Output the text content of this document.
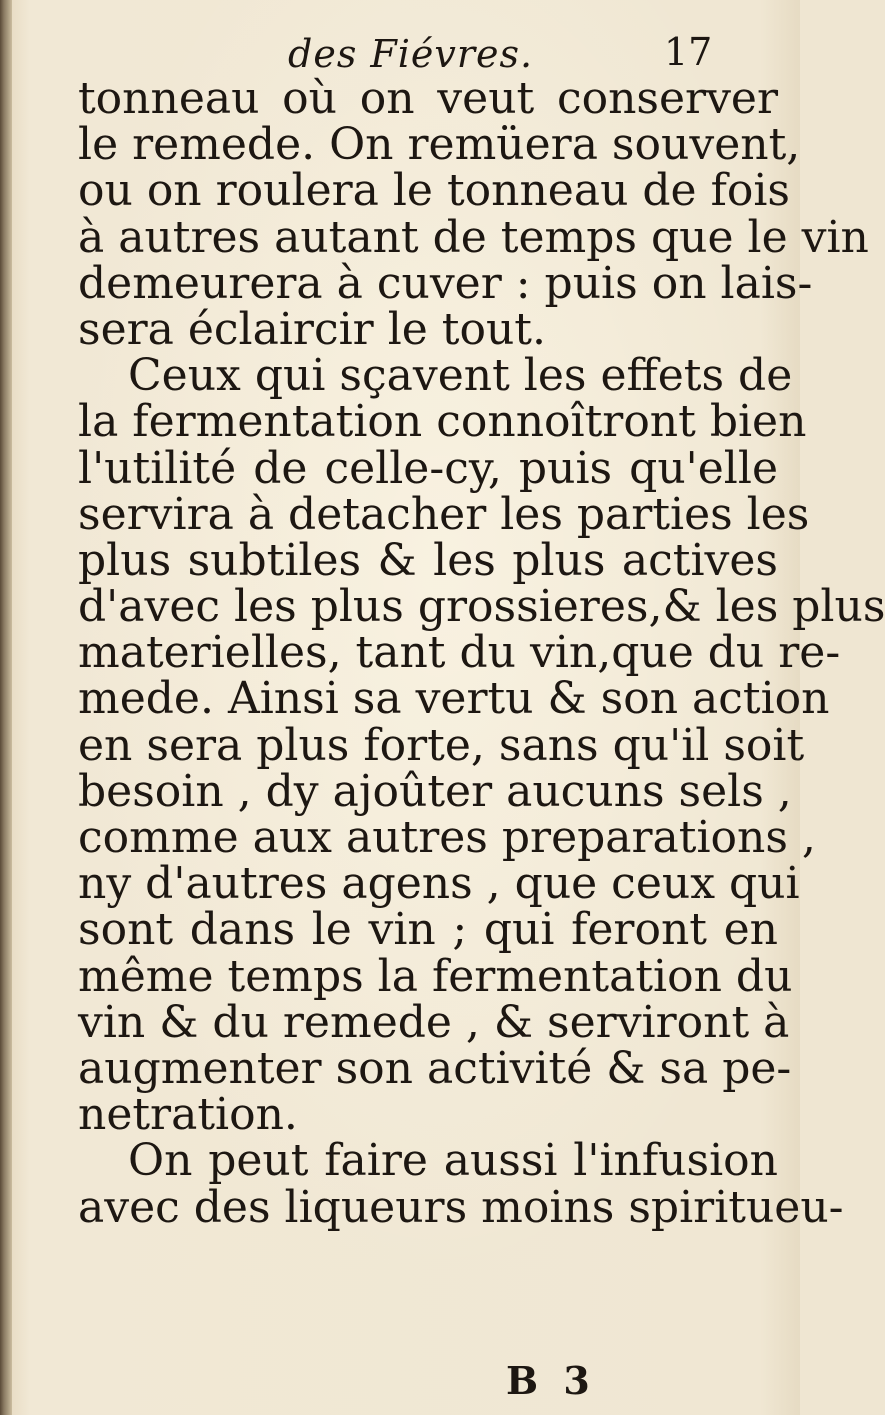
des Fiévres.	17
tonneau où on veut conserver
le remede. On remüera souvent,
ou on roulera le tonneau de fois
à autres autant de temps que le vin
demeurera à cuver : puis on lais-
sera éclaircir le tout.
Ceux qui sçavent les effets de
la fermentation connoîtront bien
l'utilité de celle-cy, puis qu'elle
servira à detacher les parties les
plus subtiles & les plus actives
d'avec les plus grossieres,& les plus
materielles, tant du vin,que du re-
mede. Ainsi sa vertu & son action
en sera plus forte, sans qu'il soit
besoin , dy ajoûter aucuns sels ,
comme aux autres preparations ,
ny d'autres agens , que ceux qui
sont dans le vin ; qui feront en
même temps la fermentation du
vin & du remede , & serviront à
augmenter son activité & sa pe-
netration.
On peut faire aussi l'infusion
avec des liqueurs moins spiritueu-
B 3
